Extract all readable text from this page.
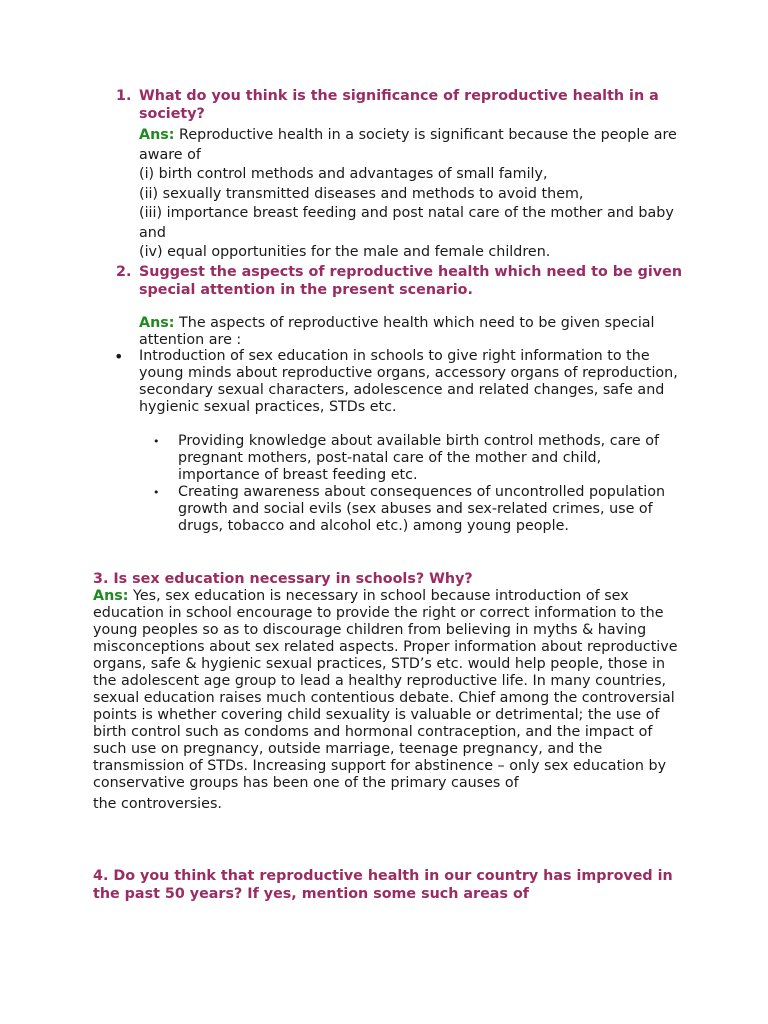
1. What do you think is the significance of reproductive health in a society?

Ans: Reproductive health in a society is significant because the people are aware of

(i) birth control methods and advantages of small family,

(ii) sexually transmitted diseases and methods to avoid them,

(iii) importance breast feeding and post natal care of the mother and baby and

(iv) equal opportunities for the male and female children.

2. Suggest the aspects of reproductive health which need to be given special attention in the present scenario.

Ans: The aspects of reproductive health which need to be given special attention are :

• Introduction of sex education in schools to give right information to the young minds about reproductive organs, accessory organs of reproduction, secondary sexual characters, adolescence and related changes, safe and hygienic sexual practices, STDs etc.

• Providing knowledge about available birth control methods, care of pregnant mothers, post-natal care of the mother and child, importance of breast feeding etc.

• Creating awareness about consequences of uncontrolled population growth and social evils (sex abuses and sex-related crimes, use of drugs, tobacco and alcohol etc.) among young people.

3. Is sex education necessary in schools? Why?

Ans: Yes, sex education is necessary in school because introduction of sex education in school encourage to provide the right or correct information to the young peoples so as to discourage children from believing in myths & having misconceptions about sex related aspects. Proper information about reproductive organs, safe & hygienic sexual practices, STD’s etc. would help people, those in the adolescent age group to lead a healthy reproductive life. In many countries, sexual education raises much contentious debate. Chief among the controversial points is whether covering child sexuality is valuable or detrimental; the use of birth control such as condoms and hormonal contraception, and the impact of such use on pregnancy, outside marriage, teenage pregnancy, and the transmission of STDs. Increasing support for abstinence – only sex education by conservative groups has been one of the primary causes of

the controversies.

4. Do you think that reproductive health in our country has improved in the past 50 years? If yes, mention some such areas of
